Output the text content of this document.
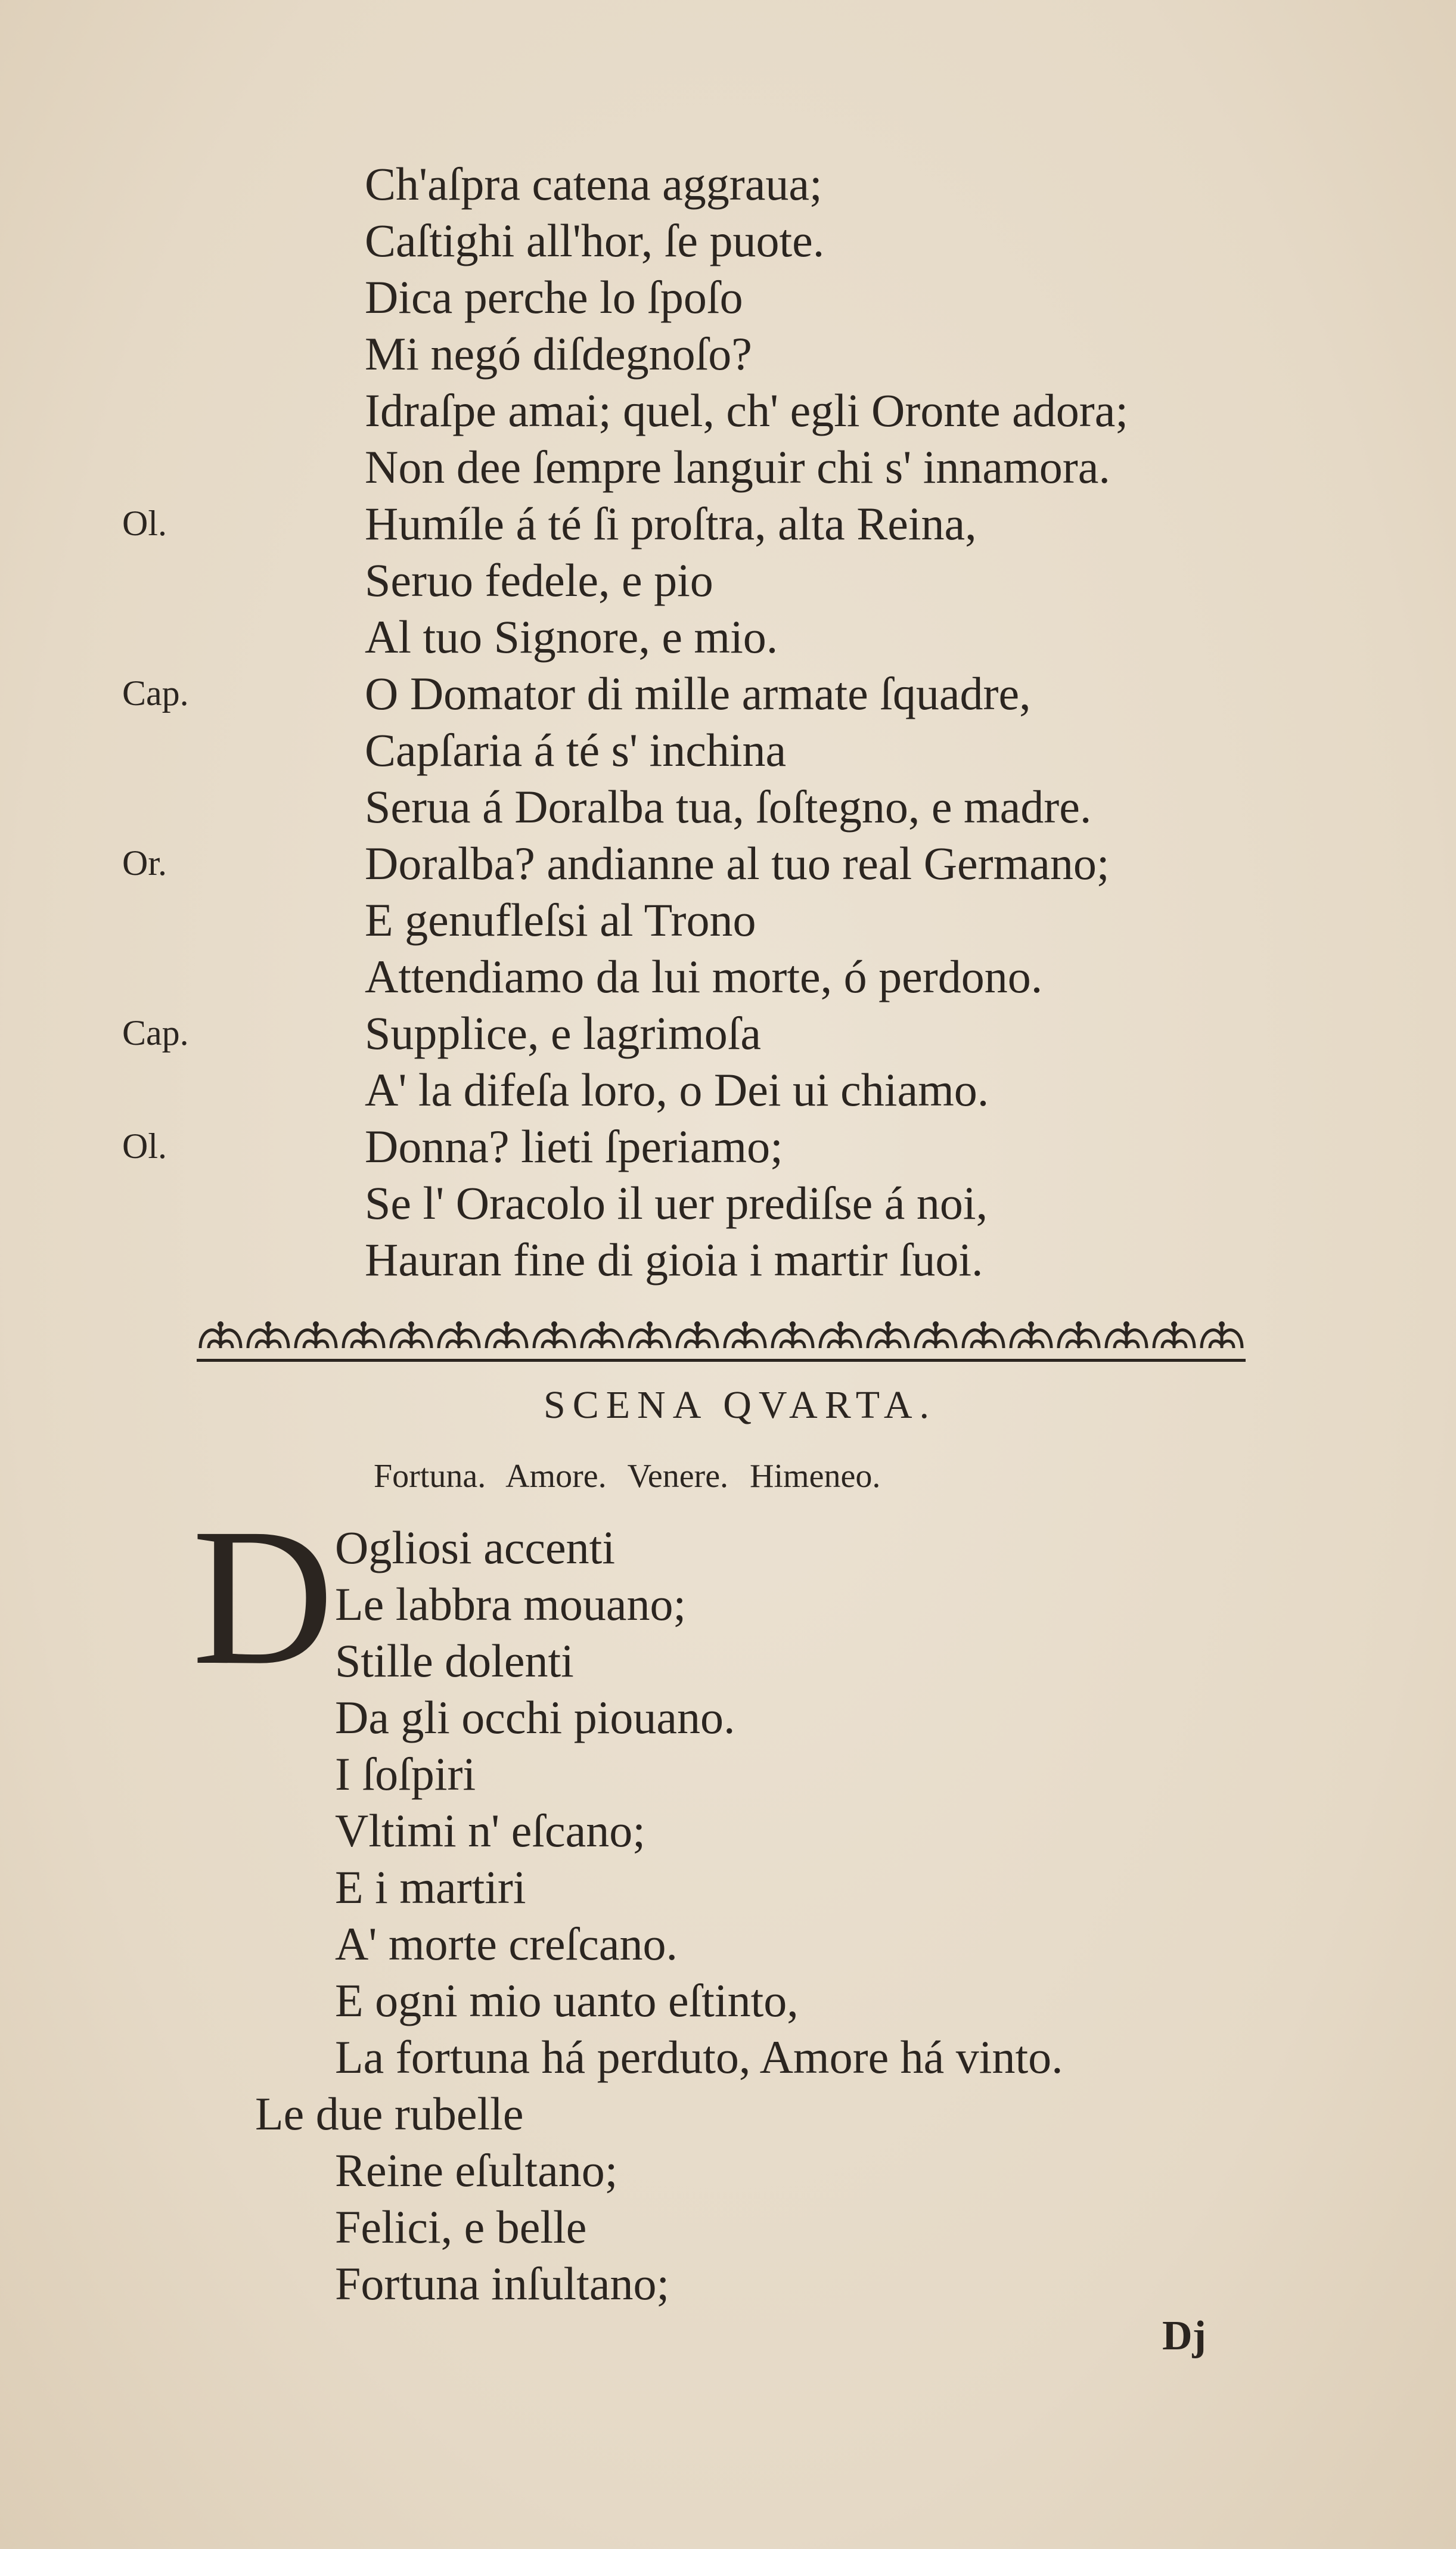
Ch'aſpra catena aggraua;
Caſtighi all'hor, ſe puote.
Dica perche lo ſpoſo
Mi negó diſdegnoſo?
Idraſpe amai; quel, ch' egli Oronte adora;
Non dee ſempre languir chi s' innamora.
Ol.	Humíle á té ſi proſtra, alta Reina,
Seruo fedele, e pio
Al tuo Signore, e mio.
Cap.	O Domator di mille armate ſquadre,
Capſaria á té s' inchina
Serua á Doralba tua, ſoſtegno, e madre.
Or.	Doralba? andianne al tuo real Germano;
E genufleſsi al Trono
Attendiamo da lui morte, ó perdono.
Cap.	Supplice, e lagrimoſa
A' la difeſa loro, o Dei ui chiamo.
Ol.	Donna? lieti ſperiamo;
Se l' Oracolo il uer prediſse á noi,
Hauran fine di gioia i martir ſuoi.
SCENA QVARTA.
Fortuna. Amore. Venere. Himeneo.
D Ogliosi accenti
Le labbra mouano;
Stille dolenti
Da gli occhi piouano.
I ſoſpiri
Vltimi n' eſcano;
E i martiri
A' morte creſcano.
E ogni mio uanto eſtinto,
La fortuna há perduto, Amore há vinto.
Le due rubelle
Reine eſultano;
Felici, e belle
Fortuna inſultano;
Dj
